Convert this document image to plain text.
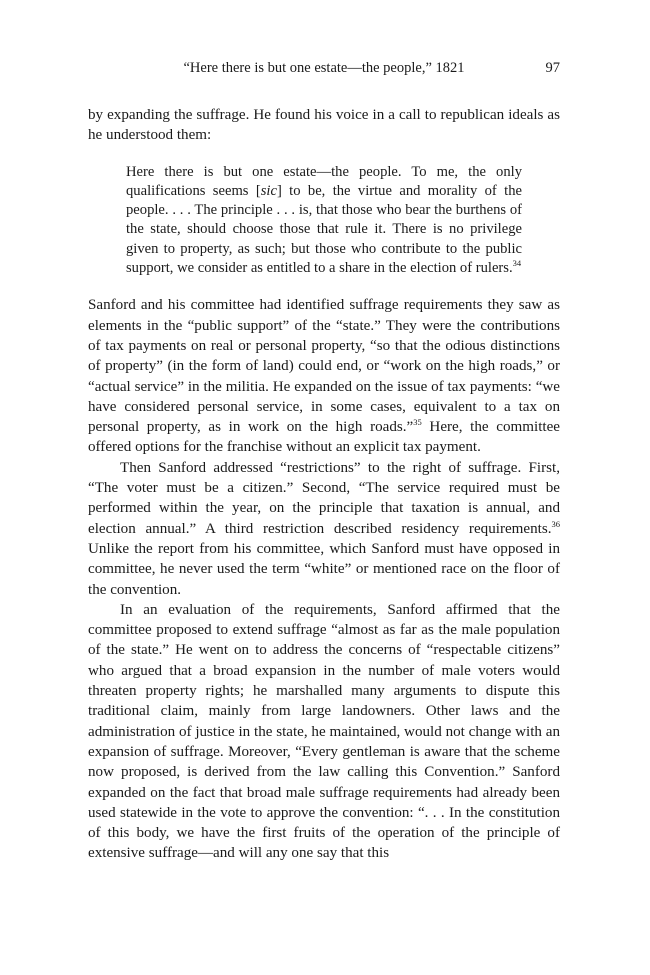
“Here there is but one estate—the people,” 1821	97

by expanding the suffrage. He found his voice in a call to republican ideals as he understood them:

Here there is but one estate—the people. To me, the only qualifications seems [sic] to be, the virtue and morality of the people. . . . The principle . . . is, that those who bear the burthens of the state, should choose those that rule it. There is no privilege given to property, as such; but those who contribute to the public support, we consider as entitled to a share in the election of rulers.$^{34}$

Sanford and his committee had identified suffrage requirements they saw as elements in the “public support” of the “state.” They were the contributions of tax payments on real or personal property, “so that the odious distinctions of property” (in the form of land) could end, or “work on the high roads,” or “actual service” in the militia. He expanded on the issue of tax payments: “we have considered personal service, in some cases, equivalent to a tax on personal property, as in work on the high roads.”$^{35}$ Here, the committee offered options for the franchise without an explicit tax payment.

Then Sanford addressed “restrictions” to the right of suffrage. First, “The voter must be a citizen.” Second, “The service required must be performed within the year, on the principle that taxation is annual, and election annual.” A third restriction described residency requirements.$^{36}$ Unlike the report from his committee, which Sanford must have opposed in committee, he never used the term “white” or mentioned race on the floor of the convention.

In an evaluation of the requirements, Sanford affirmed that the committee proposed to extend suffrage “almost as far as the male population of the state.” He went on to address the concerns of “respectable citizens” who argued that a broad expansion in the number of male voters would threaten property rights; he marshalled many arguments to dispute this traditional claim, mainly from large landowners. Other laws and the administration of justice in the state, he maintained, would not change with an expansion of suffrage. Moreover, “Every gentleman is aware that the scheme now proposed, is derived from the law calling this Convention.” Sanford expanded on the fact that broad male suffrage requirements had already been used statewide in the vote to approve the convention: “. . . In the constitution of this body, we have the first fruits of the operation of the principle of extensive suffrage—and will any one say that this
